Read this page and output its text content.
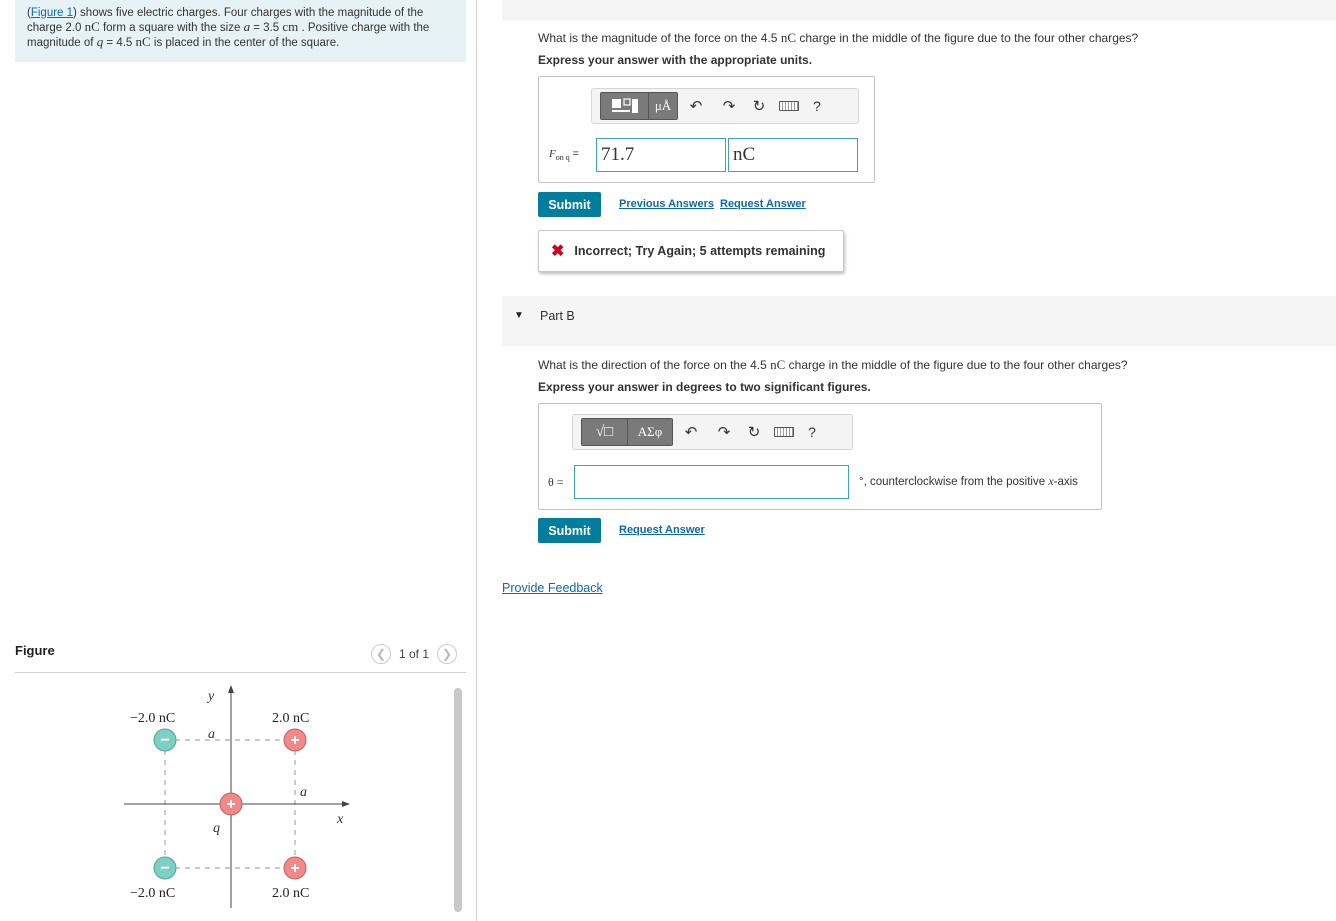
(Figure 1) shows five electric charges. Four charges with the magnitude of the
charge 2.0 nC form a square with the size a = 3.5 cm . Positive charge with the
magnitude of q = 4.5 nC is placed in the center of the square.
Figure	❮	1 of 1	❯
y
x
a
a
q
−2.0 nC	2.0 nC
−2.0 nC	2.0 nC
−	+
−	+
+
What is the magnitude of the force on the 4.5 nC charge in the middle of the figure due to the four other charges?
Express your answer with the appropriate units.
μÅ	↶	↷	↻	?
$F_{on q}$ =
71.7
nC
Submit	Previous Answers Request Answer
✖ Incorrect; Try Again; 5 attempts remaining
▼ Part B
What is the direction of the force on the 4.5 nC charge in the middle of the figure due to the four other charges?
Express your answer in degrees to two significant figures.
√□	ΑΣφ	↶	↷	↻	?
θ =	°, counterclockwise from the positive x-axis
Submit	Request Answer
Provide Feedback
